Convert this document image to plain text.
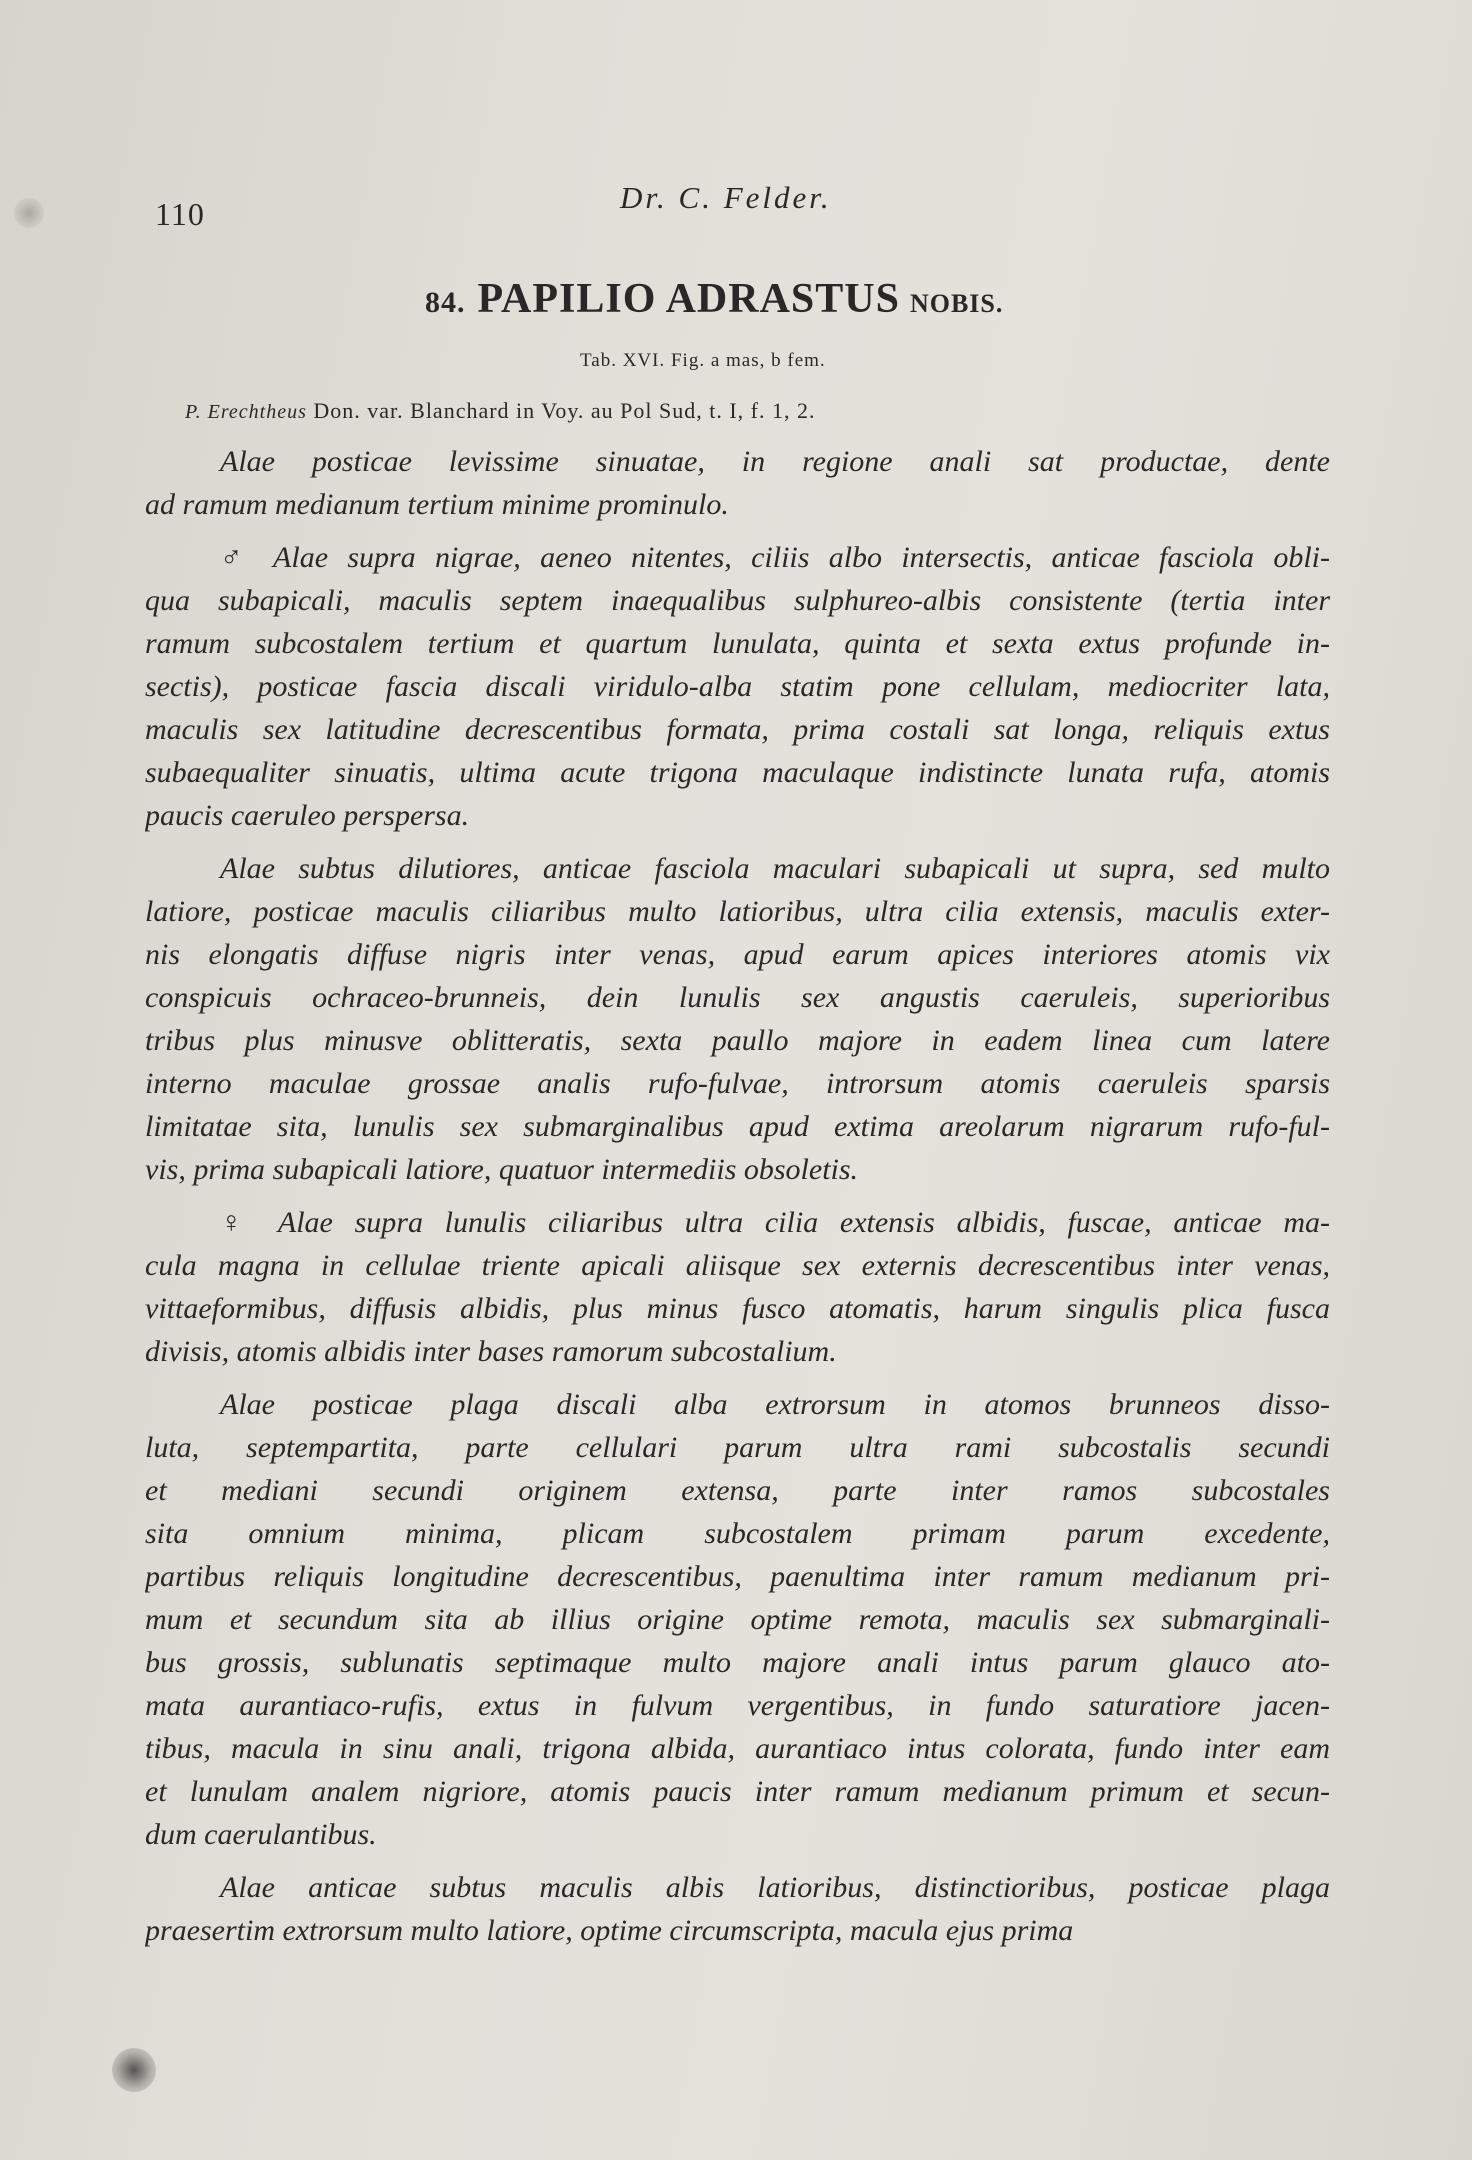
110	Dr. C. Felder.
84. PAPILIO ADRASTUS NOBIS.
Tab. XVI. Fig. a mas, b fem.
P. Erechtheus Don. var. Blanchard in Voy. au Pol Sud, t. I, f. 1, 2.
Alae posticae levissime sinuatae, in regione anali sat productae, dente
ad ramum medianum tertium minime prominulo.
♂ Alae supra nigrae, aeneo nitentes, ciliis albo intersectis, anticae fasciola obli-
qua subapicali, maculis septem inaequalibus sulphureo-albis consistente (tertia inter
ramum subcostalem tertium et quartum lunulata, quinta et sexta extus profunde in-
sectis), posticae fascia discali viridulo-alba statim pone cellulam, mediocriter lata,
maculis sex latitudine decrescentibus formata, prima costali sat longa, reliquis extus
subaequaliter sinuatis, ultima acute trigona maculaque indistincte lunata rufa, atomis
paucis caeruleo perspersa.
Alae subtus dilutiores, anticae fasciola maculari subapicali ut supra, sed multo
latiore, posticae maculis ciliaribus multo latioribus, ultra cilia extensis, maculis exter-
nis elongatis diffuse nigris inter venas, apud earum apices interiores atomis vix
conspicuis ochraceo-brunneis, dein lunulis sex angustis caeruleis, superioribus
tribus plus minusve oblitteratis, sexta paullo majore in eadem linea cum latere
interno maculae grossae analis rufo-fulvae, introrsum atomis caeruleis sparsis
limitatae sita, lunulis sex submarginalibus apud extima areolarum nigrarum rufo-ful-
vis, prima subapicali latiore, quatuor intermediis obsoletis.
♀ Alae supra lunulis ciliaribus ultra cilia extensis albidis, fuscae, anticae ma-
cula magna in cellulae triente apicali aliisque sex externis decrescentibus inter venas,
vittaeformibus, diffusis albidis, plus minus fusco atomatis, harum singulis plica fusca
divisis, atomis albidis inter bases ramorum subcostalium.
Alae posticae plaga discali alba extrorsum in atomos brunneos disso-
luta, septempartita, parte cellulari parum ultra rami subcostalis secundi
et mediani secundi originem extensa, parte inter ramos subcostales
sita omnium minima, plicam subcostalem primam parum excedente,
partibus reliquis longitudine decrescentibus, paenultima inter ramum medianum pri-
mum et secundum sita ab illius origine optime remota, maculis sex submarginali-
bus grossis, sublunatis septimaque multo majore anali intus parum glauco ato-
mata aurantiaco-rufis, extus in fulvum vergentibus, in fundo saturatiore jacen-
tibus, macula in sinu anali, trigona albida, aurantiaco intus colorata, fundo inter eam
et lunulam analem nigriore, atomis paucis inter ramum medianum primum et secun-
dum caerulantibus.
Alae anticae subtus maculis albis latioribus, distinctioribus, posticae plaga
praesertim extrorsum multo latiore, optime circumscripta, macula ejus prima
